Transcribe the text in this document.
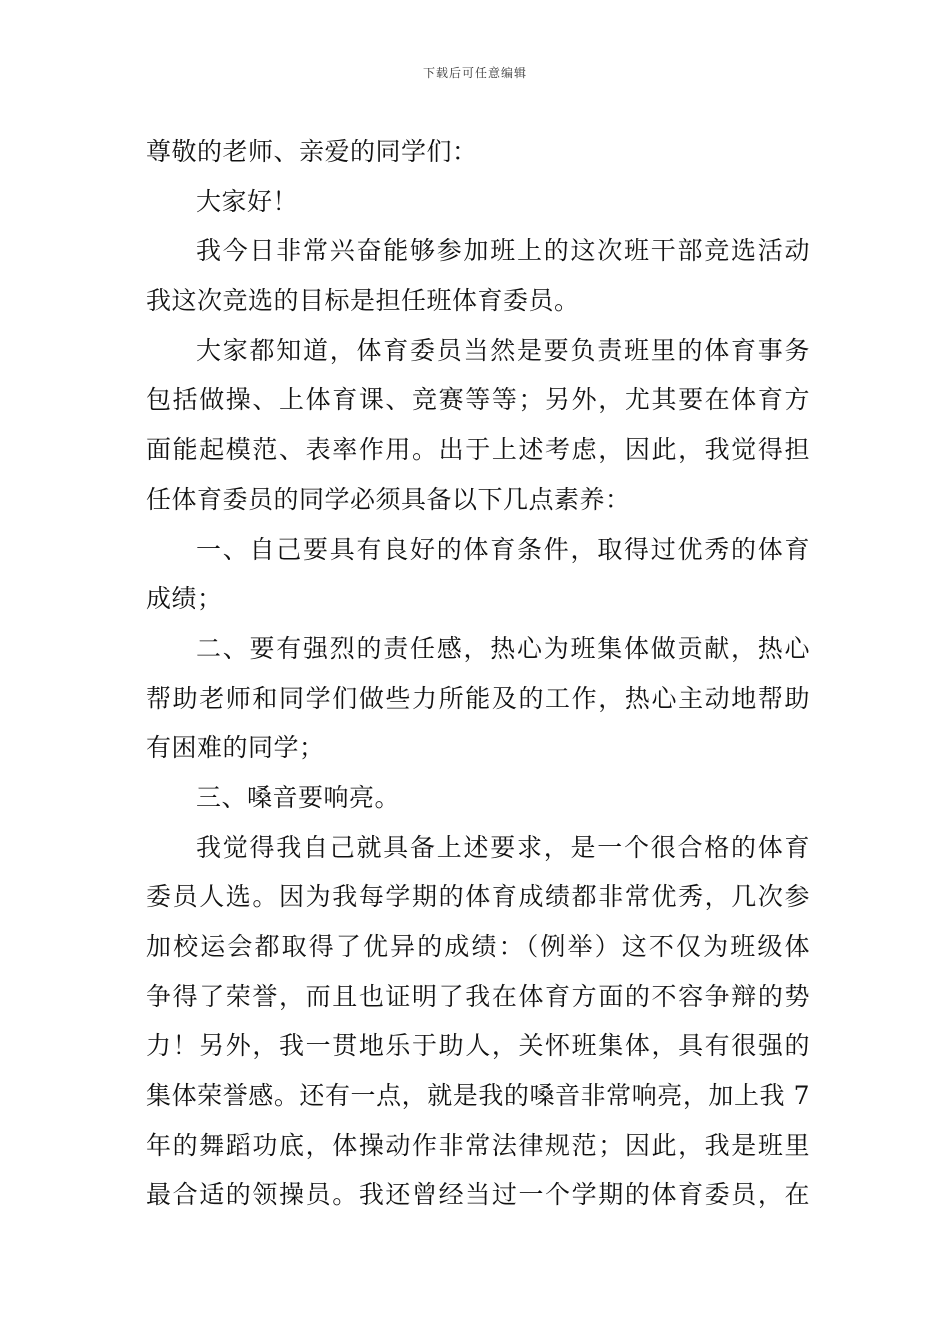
下载后可任意编辑
尊敬的老师、亲爱的同学们：
大家好！
我今日非常兴奋能够参加班上的这次班干部竞选活动
我这次竞选的目标是担任班体育委员。
大家都知道，体育委员当然是要负责班里的体育事务
包括做操、上体育课、竞赛等等；另外，尤其要在体育方
面能起模范、表率作用。出于上述考虑，因此，我觉得担
任体育委员的同学必须具备以下几点素养：
一、自己要具有良好的体育条件，取得过优秀的体育
成绩；
二、要有强烈的责任感，热心为班集体做贡献，热心
帮助老师和同学们做些力所能及的工作，热心主动地帮助
有困难的同学；
三、嗓音要响亮。
我觉得我自己就具备上述要求，是一个很合格的体育
委员人选。因为我每学期的体育成绩都非常优秀，几次参
加校运会都取得了优异的成绩：（例举）这不仅为班级体
争得了荣誉，而且也证明了我在体育方面的不容争辩的势
力！另外，我一贯地乐于助人，关怀班集体，具有很强的
集体荣誉感。还有一点，就是我的嗓音非常响亮，加上我 7
年的舞蹈功底，体操动作非常法律规范；因此，我是班里
最合适的领操员。我还曾经当过一个学期的体育委员，在
